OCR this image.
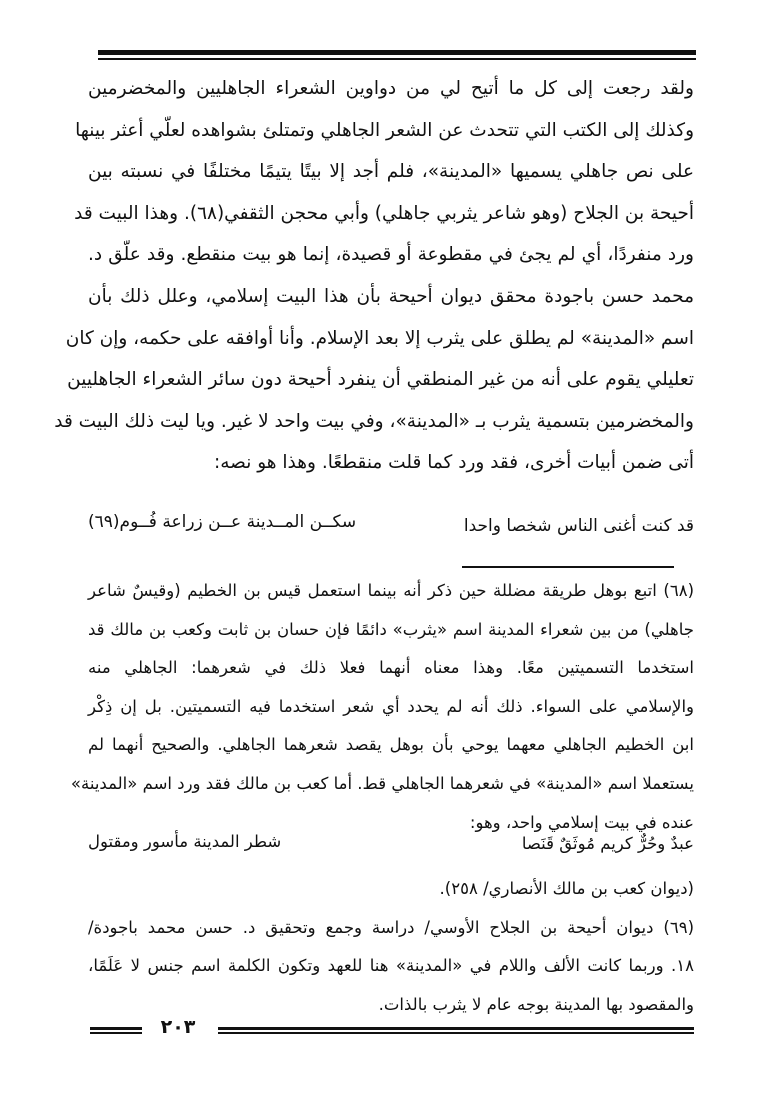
ولقد رجعت إلى كل ما أتيح لي من دواوين الشعراء الجاهليين والمخضرمين
وكذلك إلى الكتب التي تتحدث عن الشعر الجاهلي وتمتلئ بشواهده لعلّي أعثر بينها
على نص جاهلي يسميها «المدينة»، فلم أجد إلا بيتًا يتيمًا مختلفًا في نسبته بين
أحيحة بن الجلاح (وهو شاعر يثربي جاهلي) وأبي محجن الثقفي(٦٨). وهذا البيت قد
ورد منفردًا، أي لم يجئ في مقطوعة أو قصيدة، إنما هو بيت منقطع. وقد علّق د.
محمد حسن باجودة محقق ديوان أحيحة بأن هذا البيت إسلامي، وعلل ذلك بأن
اسم «المدينة» لم يطلق على يثرب إلا بعد الإسلام. وأنا أوافقه على حكمه، وإن كان
تعليلي يقوم على أنه من غير المنطقي أن ينفرد أحيحة دون سائر الشعراء الجاهليين
والمخضرمين بتسمية يثرب بـ «المدينة»، وفي بيت واحد لا غير. ويا ليت ذلك البيت قد
أتى ضمن أبيات أخرى، فقد ورد كما قلت منقطعًا. وهذا هو نصه:
قد كنت أغنى الناس شخصا واحدا
سكــن المــدينة عــن زراعة فُــوم(٦٩)
(٦٨) اتبع بوهل طريقة مضللة حين ذكر أنه بينما استعمل قيس بن الخطيم (وقيسٌ شاعر
جاهلي) من بين شعراء المدينة اسم «يثرب» دائمًا فإن حسان بن ثابت وكعب بن مالك قد
استخدما التسميتين معًا. وهذا معناه أنهما فعلا ذلك في شعرهما: الجاهلي منه
والإسلامي على السواء. ذلك أنه لم يحدد أي شعر استخدما فيه التسميتين. بل إن ذِكْر
ابن الخطيم الجاهلي معهما يوحي بأن بوهل يقصد شعرهما الجاهلي. والصحيح أنهما لم
يستعملا اسم «المدينة» في شعرهما الجاهلي قط. أما كعب بن مالك فقد ورد اسم «المدينة»
عنده في بيت إسلامي واحد، وهو:
عبدٌ وحُرٌّ كريم مُوثَقٌ قَنَصا
شطر المدينة مأسور ومقتول
(ديوان كعب بن مالك الأنصاري/ ٢٥٨).
(٦٩) ديوان أحيحة بن الجلاح الأوسي/ دراسة وجمع وتحقيق د. حسن محمد باجودة/
١٨. وربما كانت الألف واللام في «المدينة» هنا للعهد وتكون الكلمة اسم جنس لا عَلَمًا،
والمقصود بها المدينة بوجه عام لا يثرب بالذات.
٢٠٣
